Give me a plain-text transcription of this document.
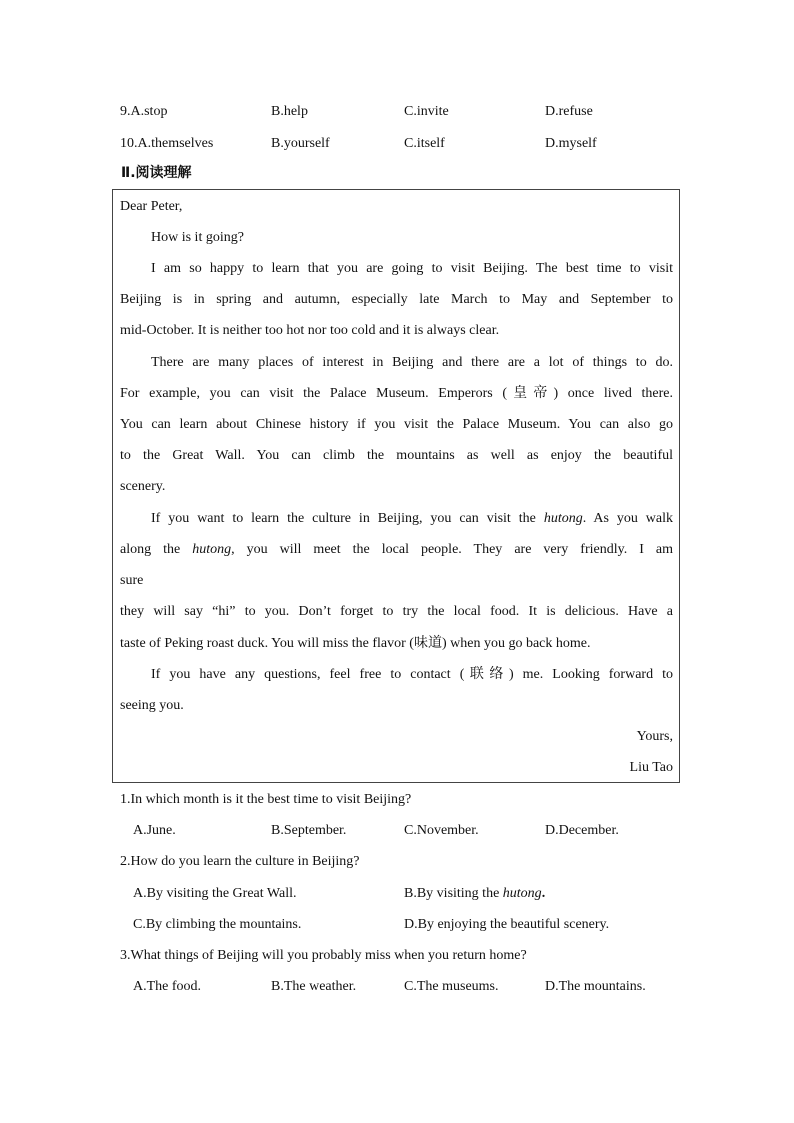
9.A.stop	B.help	C.invite	D.refuse
10.A.themselves	B.yourself	C.itself	D.myself
Ⅱ.阅读理解
Dear Peter,
How is it going?
I am so happy to learn that you are going to visit Beijing. The best time to visit
Beijing is in spring and autumn, especially late March to May and September to
mid-October. It is neither too hot nor too cold and it is always clear.
There are many places of interest in Beijing and there are a lot of things to do.
For example, you can visit the Palace Museum. Emperors (皇帝) once lived there.
You can learn about Chinese history if you visit the Palace Museum. You can also go
to the Great Wall. You can climb the mountains as well as enjoy the beautiful
scenery.
If you want to learn the culture in Beijing, you can visit the hutong. As you walk
along the hutong, you will meet the local people. They are very friendly. I am
sure
they will say “hi” to you. Don’t forget to try the local food. It is delicious. Have a
taste of Peking roast duck. You will miss the flavor (味道) when you go back home.
If you have any questions, feel free to contact (联络) me. Looking forward to
seeing you.
Yours,
Liu Tao
1.In which month is it the best time to visit Beijing?
A.June.	B.September.	C.November.	D.December.
2.How do you learn the culture in Beijing?
A.By visiting the Great Wall.	B.By visiting the hutong.
C.By climbing the mountains.	D.By enjoying the beautiful scenery.
3.What things of Beijing will you probably miss when you return home?
A.The food.	B.The weather.	C.The museums.	D.The mountains.
